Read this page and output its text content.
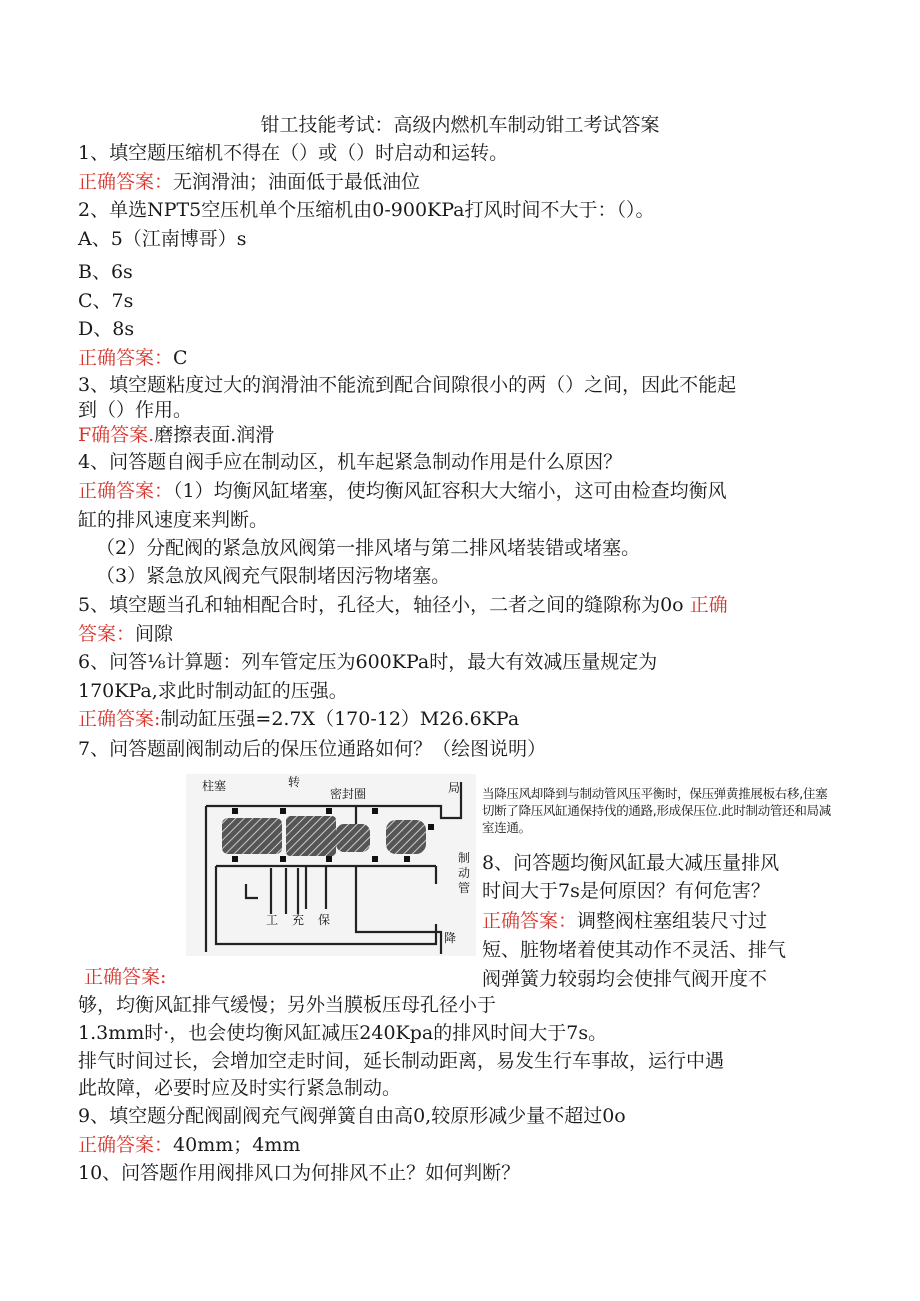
钳工技能考试：高级内燃机车制动钳工考试答案
1、填空题压缩机不得在（）或（）时启动和运转。
正确答案：无润滑油；油面低于最低油位
2、单选NPT5空压机单个压缩机由0-900KPa打风时间不大于：（）。
A、5（江南博哥）s
B、6s
C、7s
D、8s
正确答案：C
3、填空题粘度过大的润滑油不能流到配合间隙很小的两（）之间，因此不能起
到（）作用。
F确答案.磨擦表面.润滑
4、问答题自阀手应在制动区，机车起紧急制动作用是什么原因？
正确答案：（1）均衡风缸堵塞，使均衡风缸容积大大缩小，这可由检查均衡风
缸的排风速度来判断。
（2）分配阀的紧急放风阀第一排风堵与第二排风堵装错或堵塞。
（3）紧急放风阀充气限制堵因污物堵塞。
5、填空题当孔和轴相配合时，孔径大，轴径小，二者之间的缝隙称为0o 正确
答案：间隙
6、问答⅛计算题：列车管定压为600KPa时，最大有效减压量规定为
170KPa,求此时制动缸的压强。
正确答案:制动缸压强=2.7X（170-12）M26.6KPa
7、问答题副阀制动后的保压位通路如何？（绘图说明）
柱塞	转
密封圈	局
制
动
管
工 充 保
降
当降压风却降到与制动管风压平衡时，保压弹黄推展板右移,住塞切断了降压风缸通保持伐的通路,形成保压位.此时制动管还和局减室连通。
8、问答题均衡风缸最大减压量排风
时间大于7s是何原因？有何危害？
正确答案：调整阀柱塞组装尺寸过
短、脏物堵着使其动作不灵活、排气
正确答案:	阀弹簧力较弱均会使排气阀开度不
够，均衡风缸排气缓慢；另外当膜板压母孔径小于
1.3mm时·，也会使均衡风缸减压240Kpa的排风时间大于7s。
排气时间过长，会增加空走时间，延长制动距离，易发生行车事故，运行中遇
此故障，必要时应及时实行紧急制动。
9、填空题分配阀副阀充气阀弹簧自由高0,较原形减少量不超过0o
正确答案：40mm；4mm
10、问答题作用阀排风口为何排风不止？如何判断？
